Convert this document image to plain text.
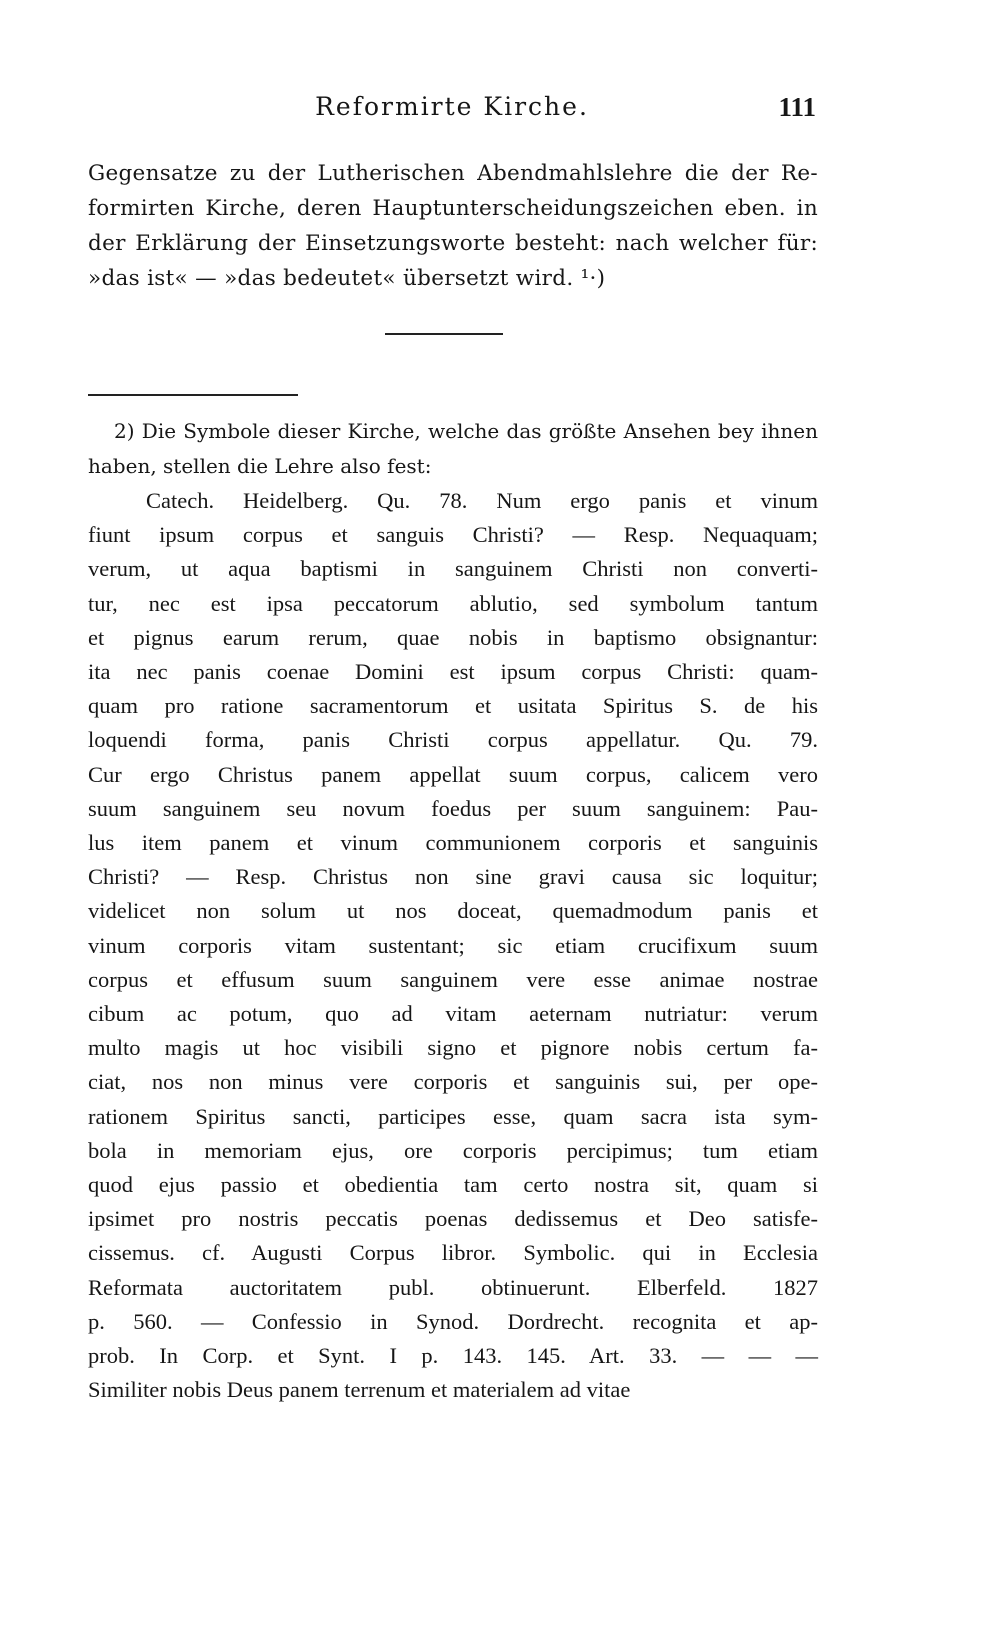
Reformirte Kirche.	111
Gegensatze zu der Lutherischen Abendmahlslehre die der Re-
formirten Kirche, deren Hauptunterscheidungszeichen eben. in
der Erklärung der Einsetzungsworte besteht: nach welcher für:
»das ist« — »das bedeutet« übersetzt wird. ¹·)
2) Die Symbole dieser Kirche, welche das größte Ansehen bey ihnen
haben, stellen die Lehre also fest:
Catech. Heidelberg. Qu. 78. Num ergo panis et vinum
fiunt ipsum corpus et sanguis Christi? — Resp. Nequaquam;
verum, ut aqua baptismi in sanguinem Christi non converti-
tur, nec est ipsa peccatorum ablutio, sed symbolum tantum
et pignus earum rerum, quae nobis in baptismo obsignantur:
ita nec panis coenae Domini est ipsum corpus Christi: quam-
quam pro ratione sacramentorum et usitata Spiritus S. de his
loquendi forma, panis Christi corpus appellatur. Qu. 79.
Cur ergo Christus panem appellat suum corpus, calicem vero
suum sanguinem seu novum foedus per suum sanguinem: Pau-
lus item panem et vinum communionem corporis et sanguinis
Christi? — Resp. Christus non sine gravi causa sic loquitur;
videlicet non solum ut nos doceat, quemadmodum panis et
vinum corporis vitam sustentant; sic etiam crucifixum suum
corpus et effusum suum sanguinem vere esse animae nostrae
cibum ac potum, quo ad vitam aeternam nutriatur: verum
multo magis ut hoc visibili signo et pignore nobis certum fa-
ciat, nos non minus vere corporis et sanguinis sui, per ope-
rationem Spiritus sancti, participes esse, quam sacra ista sym-
bola in memoriam ejus, ore corporis percipimus; tum etiam
quod ejus passio et obedientia tam certo nostra sit, quam si
ipsimet pro nostris peccatis poenas dedissemus et Deo satisfe-
cissemus. cf. Augusti Corpus libror. Symbolic. qui in Ecclesia
Reformata auctoritatem publ. obtinuerunt. Elberfeld. 1827
p. 560. — Confessio in Synod. Dordrecht. recognita et ap-
prob. In Corp. et Synt. I p. 143. 145. Art. 33. — — —
Similiter nobis Deus panem terrenum et materialem ad vitae
